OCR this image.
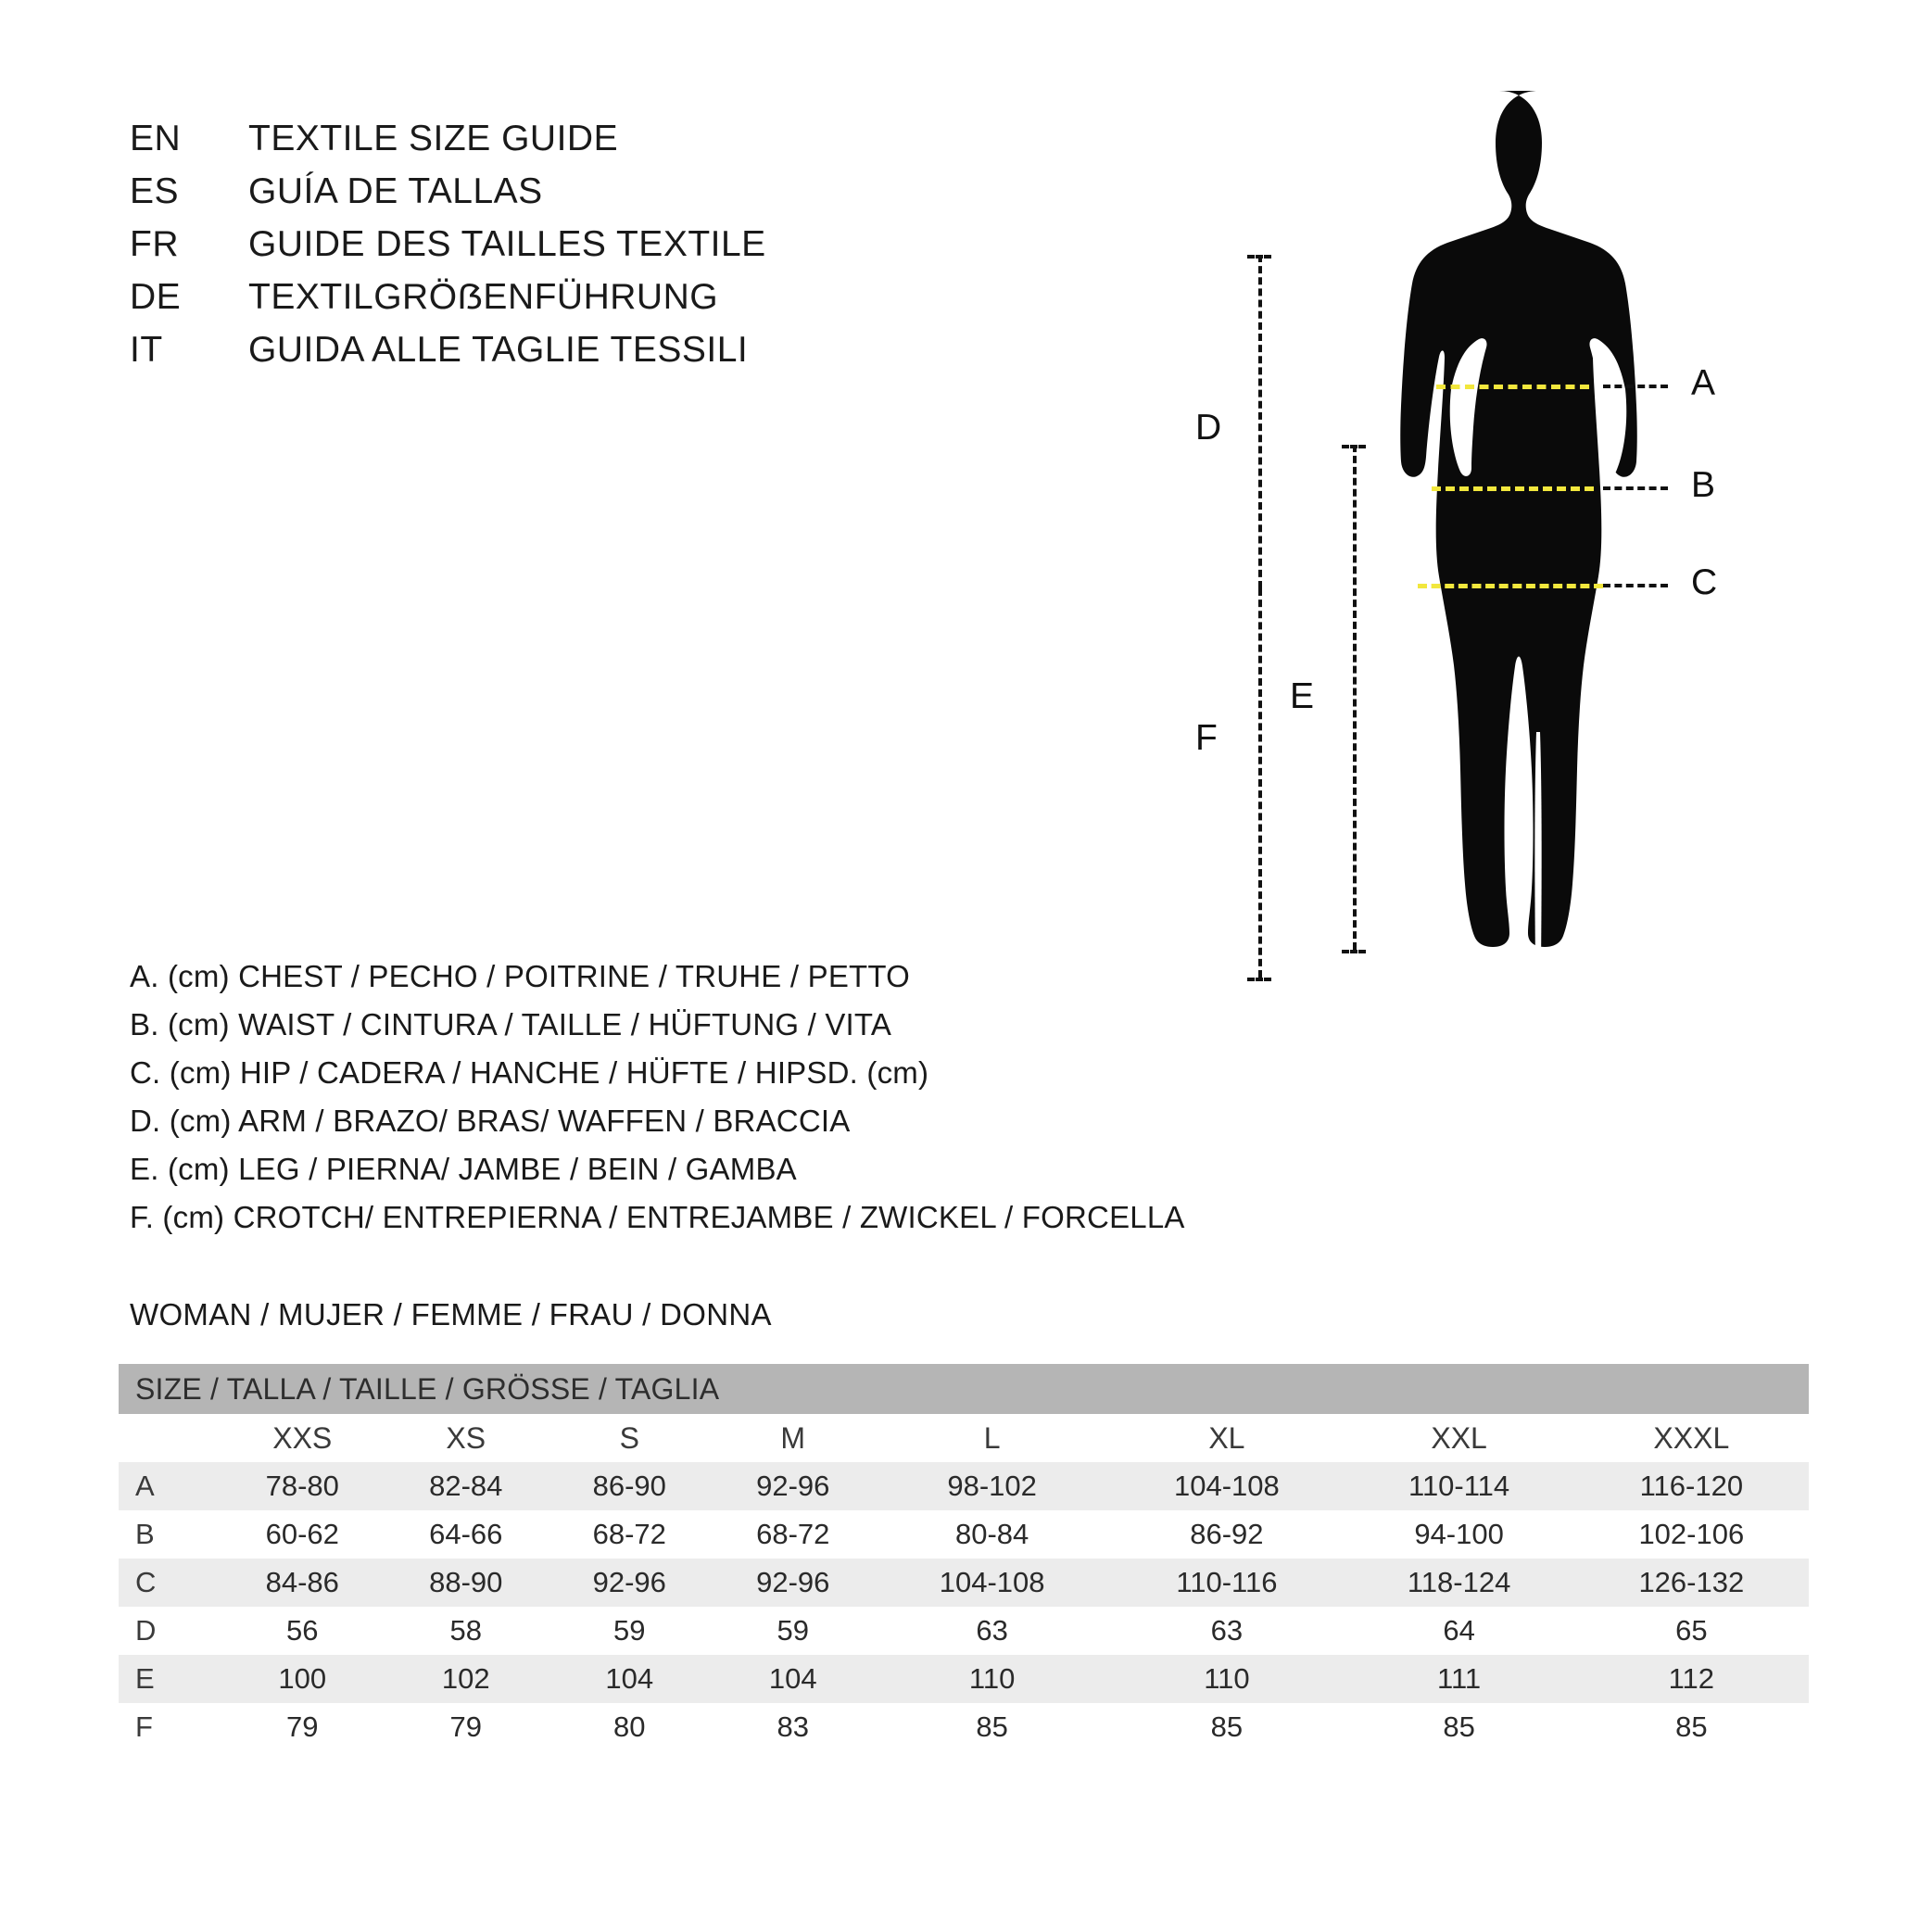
EN	TEXTILE SIZE GUIDE
ES	GUÍA DE TALLAS
FR	GUIDE DES TAILLES TEXTILE
DE	TEXTILGRÖẞENFÜHRUNG
IT	GUIDA ALLE TAGLIE TESSILI
A
B
C
D
F
E
A. (cm) CHEST / PECHO / POITRINE / TRUHE / PETTO
B. (cm) WAIST / CINTURA / TAILLE / HÜFTUNG / VITA
C. (cm) HIP / CADERA / HANCHE / HÜFTE / HIPSD. (cm)
D. (cm) ARM / BRAZO/ BRAS/ WAFFEN / BRACCIA
E. (cm) LEG / PIERNA/ JAMBE / BEIN / GAMBA
F. (cm) CROTCH/ ENTREPIERNA / ENTREJAMBE / ZWICKEL / FORCELLA
WOMAN / MUJER / FEMME / FRAU / DONNA
SIZE / TALLA / TAILLE / GRÖSSE / TAGLIA								
	XXS	XS	S	M	L	XL	XXL	XXXL
A	78-80	82-84	86-90	92-96	98-102	104-108	110-114	116-120
B	60-62	64-66	68-72	68-72	80-84	86-92	94-100	102-106
C	84-86	88-90	92-96	92-96	104-108	110-116	118-124	126-132
D	56	58	59	59	63	63	64	65
E	100	102	104	104	110	110	111	112
F	79	79	80	83	85	85	85	85
